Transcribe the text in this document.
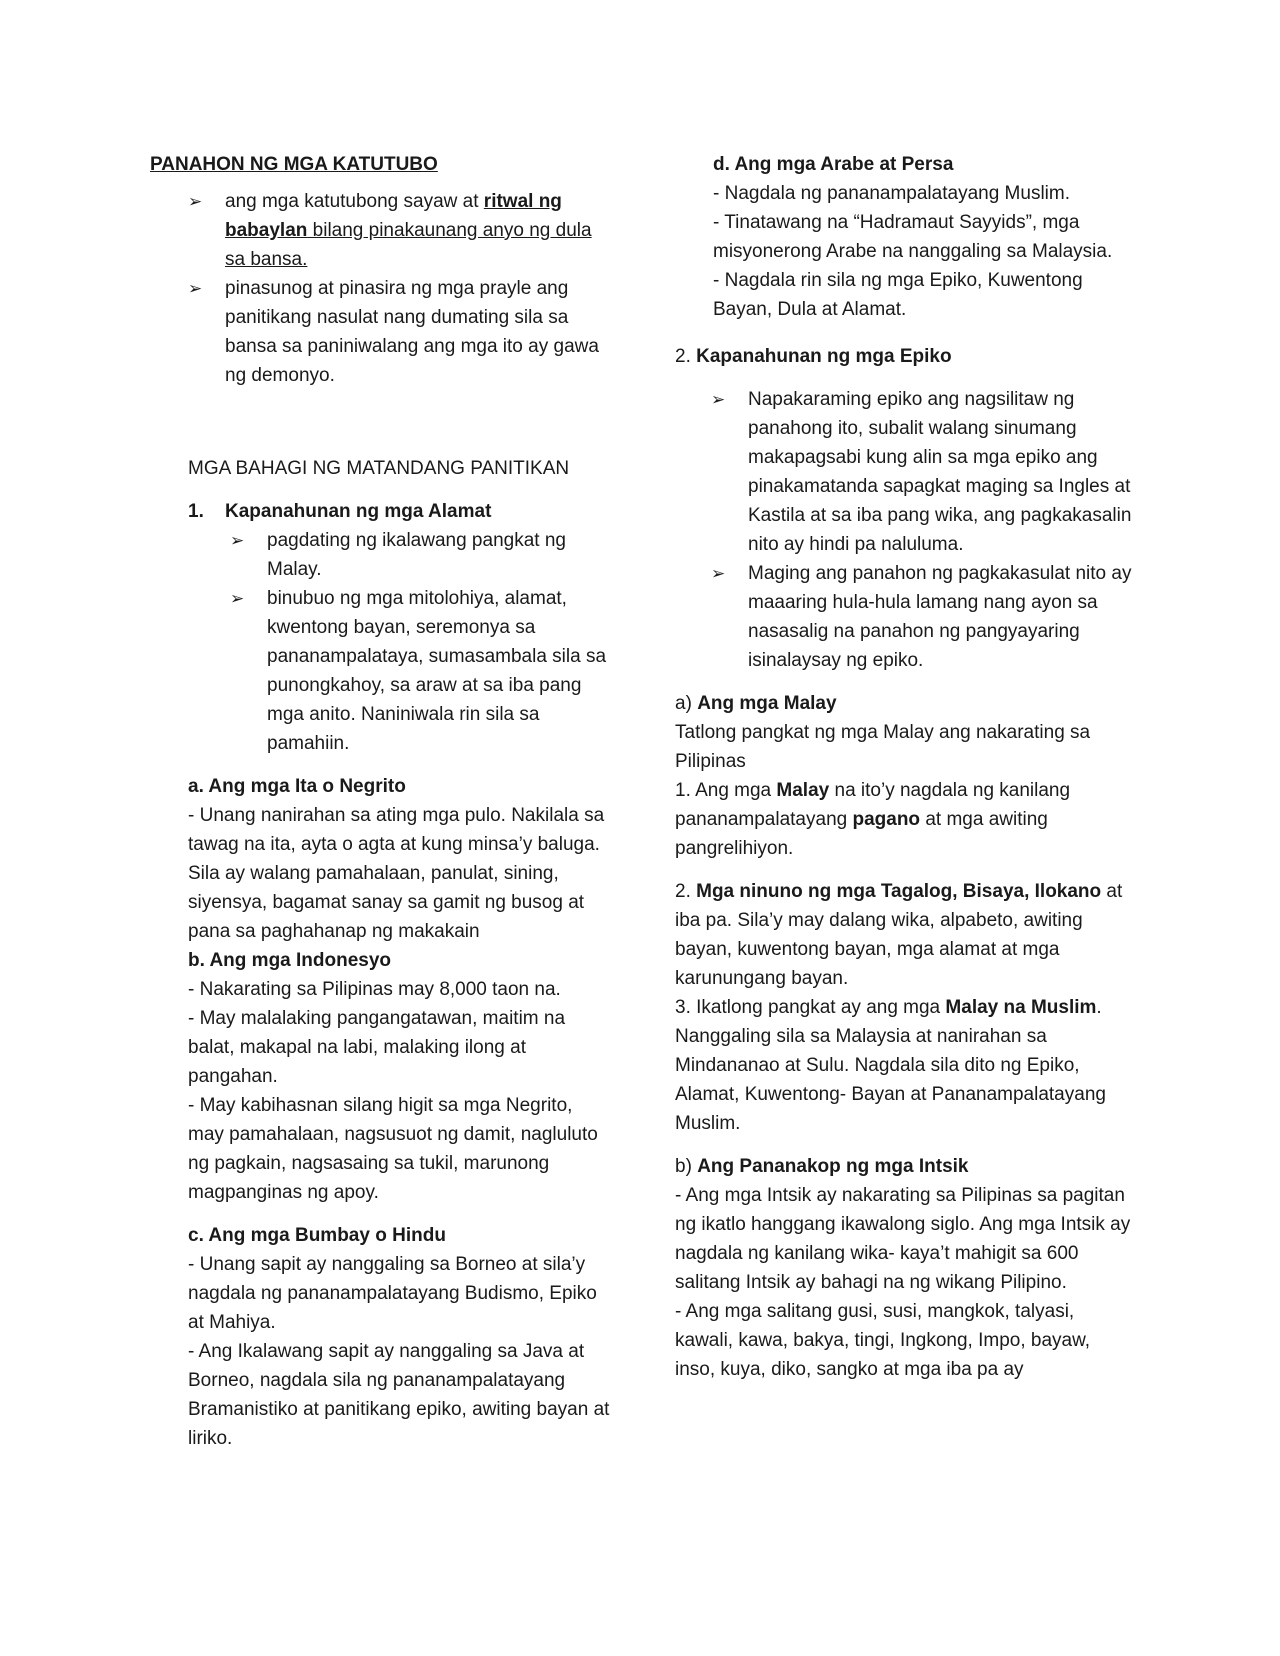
PANAHON NG MGA KATUTUBO

➢	ang mga katutubong sayaw at ritwal ng babaylan bilang pinakaunang anyo ng dula sa bansa.
➢	pinasunog at pinasira ng mga prayle ang panitikang nasulat nang dumating sila sa bansa sa paniniwalang ang mga ito ay gawa ng demonyo.

MGA BAHAGI NG MATANDANG PANITIKAN

1. Kapanahunan ng mga Alamat

➢	pagdating ng ikalawang pangkat ng Malay.
➢	binubuo ng mga mitolohiya, alamat, kwentong bayan, seremonya sa pananampalataya, sumasambala sila sa punongkahoy, sa araw at sa iba pang mga anito. Naniniwala rin sila sa pamahiin.

a. Ang mga Ita o Negrito

- Unang nanirahan sa ating mga pulo. Nakilala sa tawag na ita, ayta o agta at kung minsa’y baluga. Sila ay walang pamahalaan, panulat, sining, siyensya, bagamat sanay sa gamit ng busog at pana sa paghahanap ng makakain

b. Ang mga Indonesyo

- Nakarating sa Pilipinas may 8,000 taon na.

- May malalaking pangangatawan, maitim na balat, makapal na labi, malaking ilong at pangahan.

- May kabihasnan silang higit sa mga Negrito, may pamahalaan, nagsusuot ng damit, nagluluto ng pagkain, nagsasaing sa tukil, marunong magpanginas ng apoy.

c. Ang mga Bumbay o Hindu

- Unang sapit ay nanggaling sa Borneo at sila’y nagdala ng pananampalatayang Budismo, Epiko at Mahiya.

- Ang Ikalawang sapit ay nanggaling sa Java at Borneo, nagdala sila ng pananampalatayang Bramanistiko at panitikang epiko, awiting bayan at liriko.

d. Ang mga Arabe at Persa

- Nagdala ng pananampalatayang Muslim.

- Tinatawang na “Hadramaut Sayyids”, mga misyonerong Arabe na nanggaling sa Malaysia.

- Nagdala rin sila ng mga Epiko, Kuwentong Bayan, Dula at Alamat.

2. Kapanahunan ng mga Epiko

➢	Napakaraming epiko ang nagsilitaw ng panahong ito, subalit walang sinumang makapagsabi kung alin sa mga epiko ang pinakamatanda sapagkat maging sa Ingles at Kastila at sa iba pang wika, ang pagkakasalin nito ay hindi pa naluluma.
➢	Maging ang panahon ng pagkakasulat nito ay maaaring hula-hula lamang nang ayon sa nasasalig na panahon ng pangyayaring isinalaysay ng epiko.

a) Ang mga Malay

Tatlong pangkat ng mga Malay ang nakarating sa Pilipinas

1. Ang mga Malay na ito’y nagdala ng kanilang pananampalatayang pagano at mga awiting pangrelihiyon.

2. Mga ninuno ng mga Tagalog, Bisaya, Ilokano at iba pa. Sila’y may dalang wika, alpabeto, awiting bayan, kuwentong bayan, mga alamat at mga karunungang bayan.

3. Ikatlong pangkat ay ang mga Malay na Muslim. Nanggaling sila sa Malaysia at nanirahan sa Mindananao at Sulu. Nagdala sila dito ng Epiko, Alamat, Kuwentong- Bayan at Pananampalatayang Muslim.

b) Ang Pananakop ng mga Intsik

- Ang mga Intsik ay nakarating sa Pilipinas sa pagitan ng ikatlo hanggang ikawalong siglo. Ang mga Intsik ay nagdala ng kanilang wika- kaya’t mahigit sa 600 salitang Intsik ay bahagi na ng wikang Pilipino.

- Ang mga salitang gusi, susi, mangkok, talyasi, kawali, kawa, bakya, tingi, Ingkong, Impo, bayaw, inso, kuya, diko, sangko at mga iba pa ay
